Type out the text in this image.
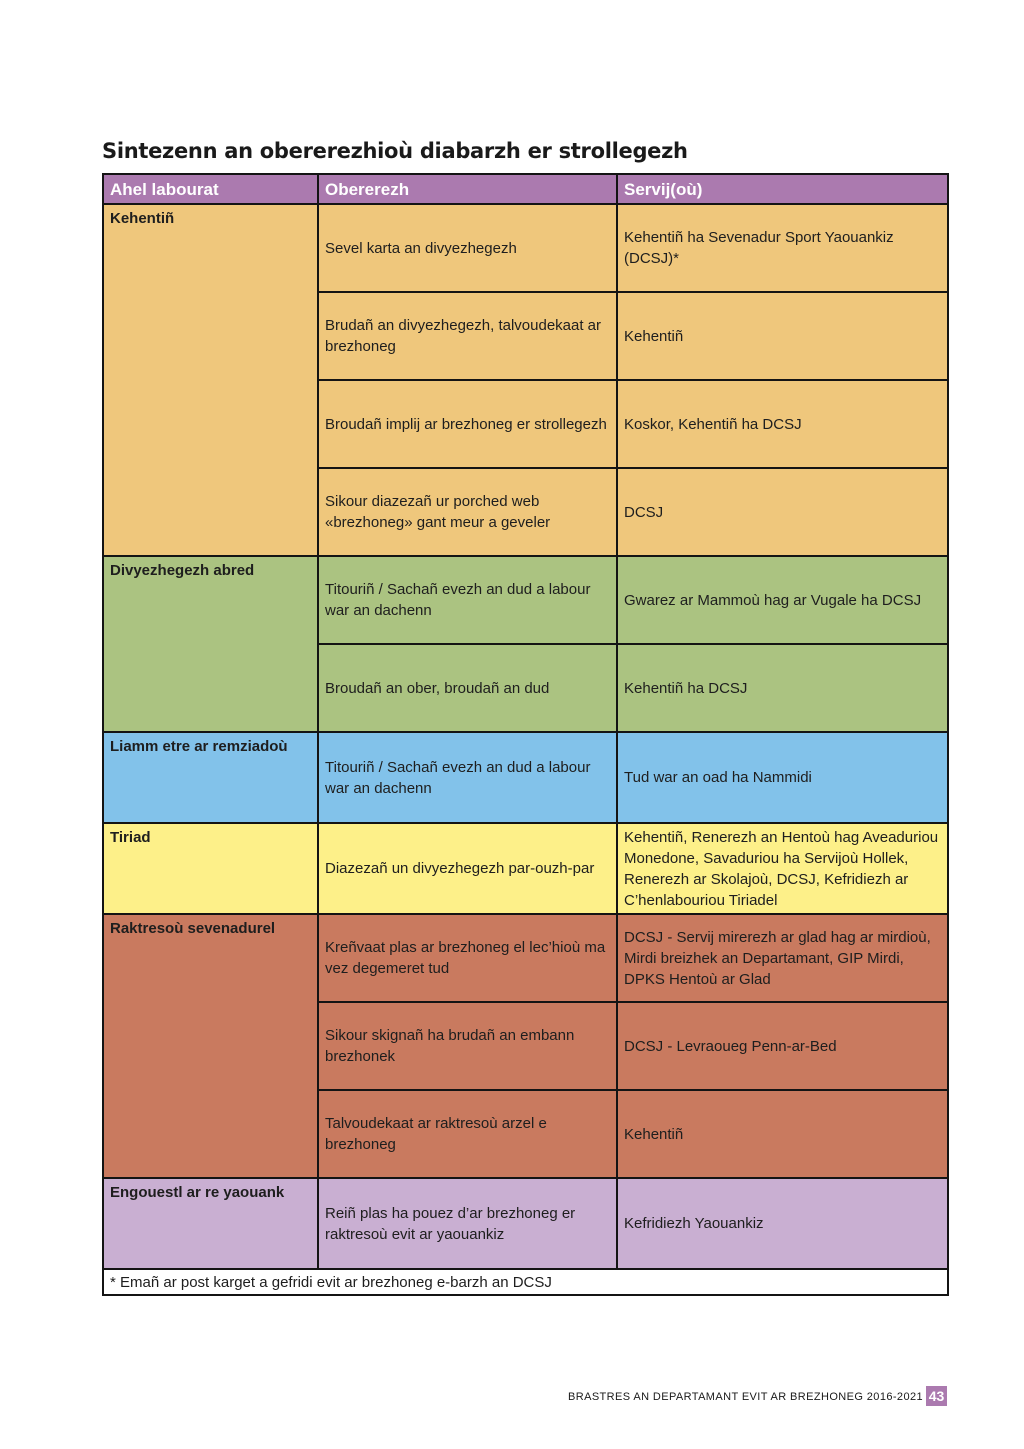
Sintezenn an obererezhioù diabarzh er strollegezh
Ahel labourat	Obererezh	Servij(où)
Kehentiñ	Sevel karta an divyezhegezh	Kehentiñ ha Sevenadur Sport Yaouankiz (DCSJ)*
	Brudañ an divyezhegezh, talvoudekaat ar brezhoneg	Kehentiñ
	Broudañ implij ar brezhoneg er strollegezh	Koskor, Kehentiñ ha DCSJ
	Sikour diazezañ ur porched web «brezhoneg» gant meur a geveler	DCSJ
Divyezhegezh abred	Titouriñ / Sachañ evezh an dud a labour war an dachenn	Gwarez ar Mammoù hag ar Vugale ha DCSJ
	Broudañ an ober, broudañ an dud	Kehentiñ ha DCSJ
Liamm etre ar remziadoù	Titouriñ / Sachañ evezh an dud a labour war an dachenn	Tud war an oad ha Nammidi
Tiriad	Diazezañ un divyezhegezh par-ouzh-par	Kehentiñ, Renerezh an Hentoù hag Aveaduriou Monedone, Savaduriou ha Servijoù Hollek, Renerezh ar Skolajoù, DCSJ, Kefridiezh ar C’henlabouriou Tiriadel
Raktresoù sevenadurel	Kreñvaat plas ar brezhoneg el lec’hioù ma vez degemeret tud	DCSJ - Servij mirerezh ar glad hag ar mirdioù, Mirdi breizhek an Departamant, GIP Mirdi, DPKS Hentoù ar Glad
	Sikour skignañ ha brudañ an embann brezhonek	DCSJ - Levraoueg Penn-ar-Bed
	Talvoudekaat ar raktresoù arzel e brezhoneg	Kehentiñ
Engouestl ar re yaouank	Reiñ plas ha pouez d’ar brezhoneg er raktresoù evit ar yaouankiz	Kefridiezh Yaouankiz
* Emañ ar post karget a gefridi evit ar brezhoneg e-barzh an DCSJ		
BRASTRES AN DEPARTAMANT EVIT AR BREZHONEG 2016-2021 43
